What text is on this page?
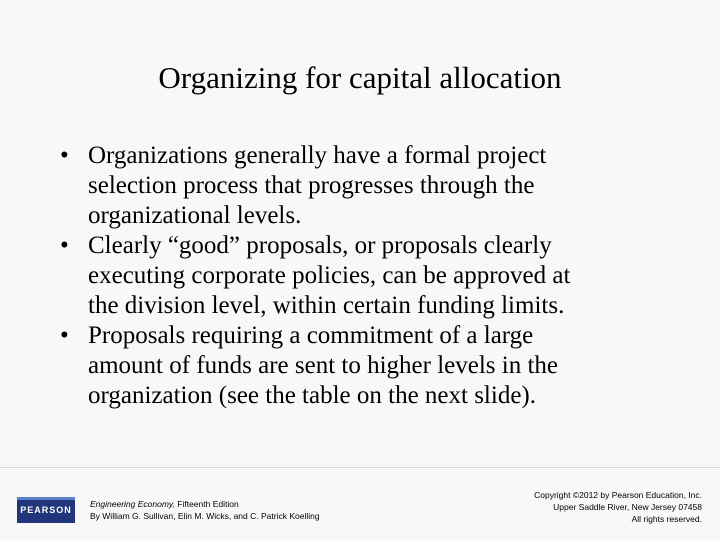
Organizing for capital allocation
• Organizations generally have a formal project
selection process that progresses through the
organizational levels.
• Clearly “good” proposals, or proposals clearly
executing corporate policies, can be approved at
the division level, within certain funding limits.
• Proposals requiring a commitment of a large
amount of funds are sent to higher levels in the
organization (see the table on the next slide).
PEARSON
Engineering Economy, Fifteenth Edition
By William G. Sullivan, Elin M. Wicks, and C. Patrick Koelling
Copyright ©2012 by Pearson Education, Inc.
Upper Saddle River, New Jersey 07458
All rights reserved.
